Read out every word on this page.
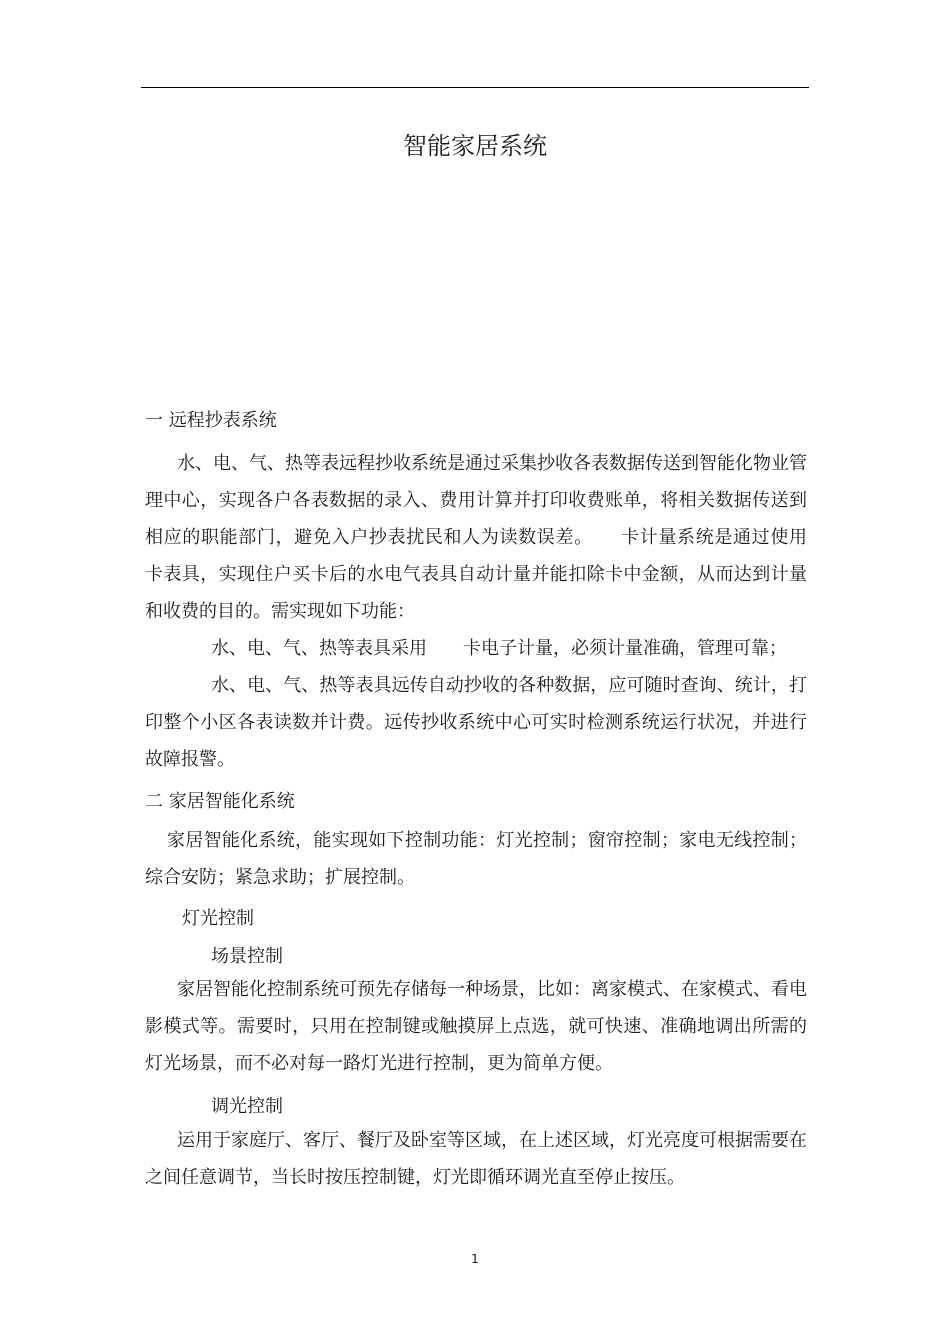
智能家居系统
一 远程抄表系统
水、电、气、热等表远程抄收系统是通过采集抄收各表数据传送到智能化物业管理中心，实现各户各表数据的录入、费用计算并打印收费账单，将相关数据传送到相应的职能部门，避免入户抄表扰民和人为读数误差。　　卡计量系统是通过使用　　卡表具，实现住户买卡后的水电气表具自动计量并能扣除卡中金额，从而达到计量和收费的目的。需实现如下功能：
水、电、气、热等表具采用　　卡电子计量，必须计量准确，管理可靠；
水、电、气、热等表具远传自动抄收的各种数据，应可随时查询、统计，打印整个小区各表读数并计费。远传抄收系统中心可实时检测系统运行状况，并进行故障报警。
二 家居智能化系统
家居智能化系统，能实现如下控制功能：灯光控制；窗帘控制；家电无线控制；综合安防；紧急求助；扩展控制。
灯光控制
场景控制
家居智能化控制系统可预先存储每一种场景，比如：离家模式、在家模式、看电影模式等。需要时，只用在控制键或触摸屏上点选，就可快速、准确地调出所需的灯光场景，而不必对每一路灯光进行控制，更为简单方便。
调光控制
运用于家庭厅、客厅、餐厅及卧室等区域，在上述区域，灯光亮度可根据需要在　　　　之间任意调节，当长时按压控制键，灯光即循环调光直至停止按压。
1
